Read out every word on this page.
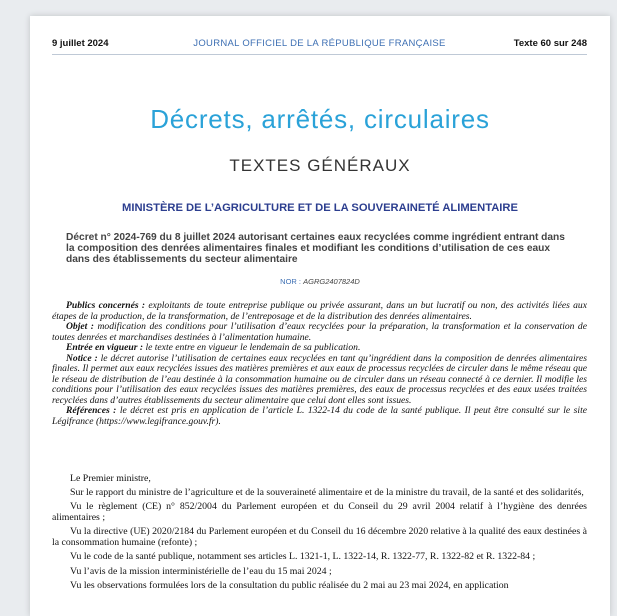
9 juillet 2024	JOURNAL OFFICIEL DE LA RÉPUBLIQUE FRANÇAISE	Texte 60 sur 248
Décrets, arrêtés, circulaires
TEXTES GÉNÉRAUX
MINISTÈRE DE L’AGRICULTURE ET DE LA SOUVERAINETÉ ALIMENTAIRE
Décret n° 2024-769 du 8 juillet 2024 autorisant certaines eaux recyclées comme ingrédient entrant dans la composition des denrées alimentaires finales et modifiant les conditions d’utilisation de ces eaux dans des établissements du secteur alimentaire
NOR : AGRG2407824D

Publics concernés : exploitants de toute entreprise publique ou privée assurant, dans un but lucratif ou non, des activités liées aux étapes de la production, de la transformation, de l’entreposage et de la distribution des denrées alimentaires.

Objet : modification des conditions pour l’utilisation d’eaux recyclées pour la préparation, la transformation et la conservation de toutes denrées et marchandises destinées à l’alimentation humaine.

Entrée en vigueur : le texte entre en vigueur le lendemain de sa publication.

Notice : le décret autorise l’utilisation de certaines eaux recyclées en tant qu’ingrédient dans la composition de denrées alimentaires finales. Il permet aux eaux recyclées issues des matières premières et aux eaux de processus recyclées de circuler dans le même réseau que le réseau de distribution de l’eau destinée à la consommation humaine ou de circuler dans un réseau connecté à ce dernier. Il modifie les conditions pour l’utilisation des eaux recyclées issues des matières premières, des eaux de processus recyclées et des eaux usées traitées recyclées dans d’autres établissements du secteur alimentaire que celui dont elles sont issues.

Références : le décret est pris en application de l’article L. 1322-14 du code de la santé publique. Il peut être consulté sur le site Légifrance (https://www.legifrance.gouv.fr).

Le Premier ministre,

Sur le rapport du ministre de l’agriculture et de la souveraineté alimentaire et de la ministre du travail, de la santé et des solidarités,

Vu le règlement (CE) n° 852/2004 du Parlement européen et du Conseil du 29 avril 2004 relatif à l’hygiène des denrées alimentaires ;

Vu la directive (UE) 2020/2184 du Parlement européen et du Conseil du 16 décembre 2020 relative à la qualité des eaux destinées à la consommation humaine (refonte) ;

Vu le code de la santé publique, notamment ses articles L. 1321-1, L. 1322-14, R. 1322-77, R. 1322-82 et R. 1322-84 ;

Vu l’avis de la mission interministérielle de l’eau du 15 mai 2024 ;

Vu les observations formulées lors de la consultation du public réalisée du 2 mai au 23 mai 2024, en application
